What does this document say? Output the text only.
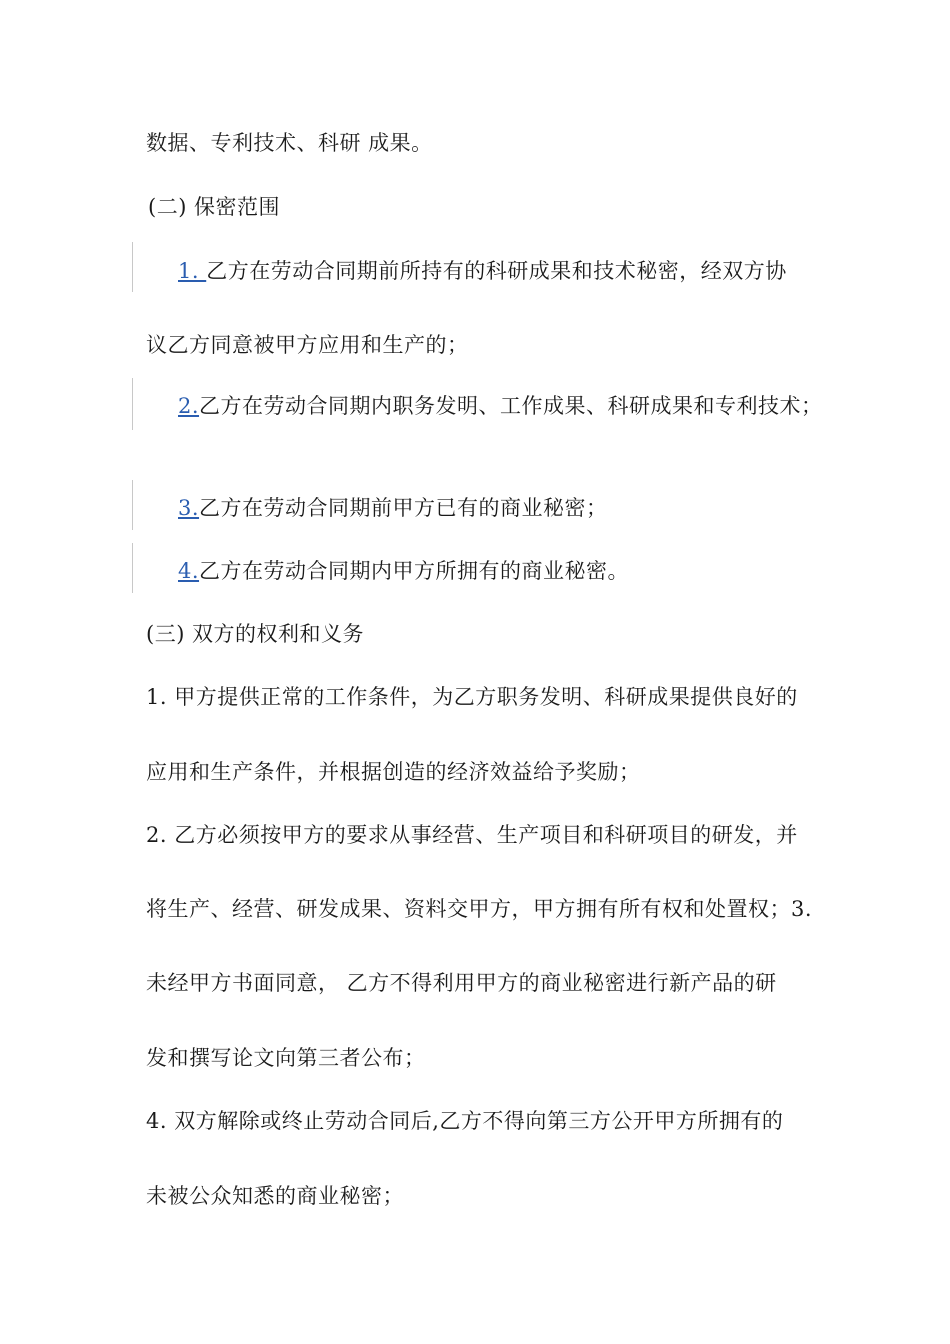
数据、专利技术、科研 成果。
(二) 保密范围
1. 乙方在劳动合同期前所持有的科研成果和技术秘密，经双方协
议乙方同意被甲方应用和生产的；
2.乙方在劳动合同期内职务发明、工作成果、科研成果和专利技术；
3.乙方在劳动合同期前甲方已有的商业秘密；
4.乙方在劳动合同期内甲方所拥有的商业秘密。
(三) 双方的权利和义务
1. 甲方提供正常的工作条件，为乙方职务发明、科研成果提供良好的
应用和生产条件，并根据创造的经济效益给予奖励；
2. 乙方必须按甲方的要求从事经营、生产项目和科研项目的研发，并
将生产、经营、研发成果、资料交甲方，甲方拥有所有权和处置权；3.
未经甲方书面同意， 乙方不得利用甲方的商业秘密进行新产品的研
发和撰写论文向第三者公布；
4. 双方解除或终止劳动合同后,乙方不得向第三方公开甲方所拥有的
未被公众知悉的商业秘密；
